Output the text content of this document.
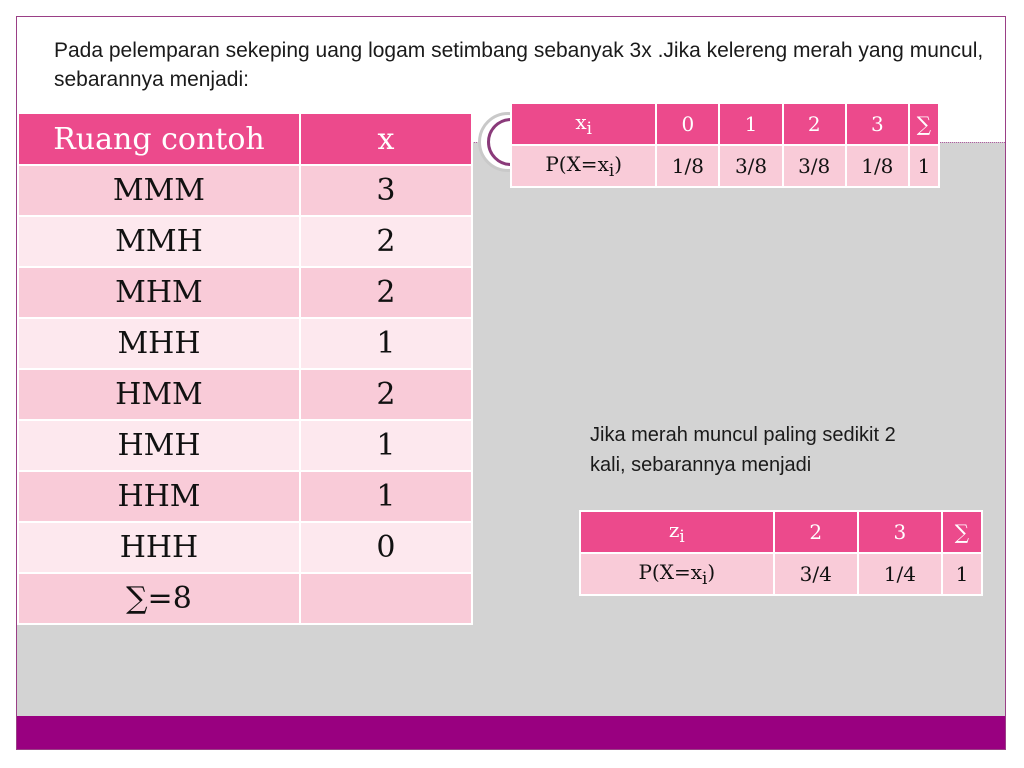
Pada pelemparan sekeping uang logam setimbang sebanyak 3x .Jika kelereng merah yang muncul, sebarannya menjadi:
Ruang contoh	x
MMM	3
MMH	2
MHM	2
MHH	1
HMM	2
HMH	1
HHM	1
HHH	0
∑=8	
$x_i$	0	1	2	3	∑
$P(X=x_i)$	1/8	3/8	3/8	1/8	1
Jika merah muncul paling sedikit 2 kali, sebarannya menjadi
$z_i$	2	3	∑
$P(X=x_i)$	3/4	1/4	1
